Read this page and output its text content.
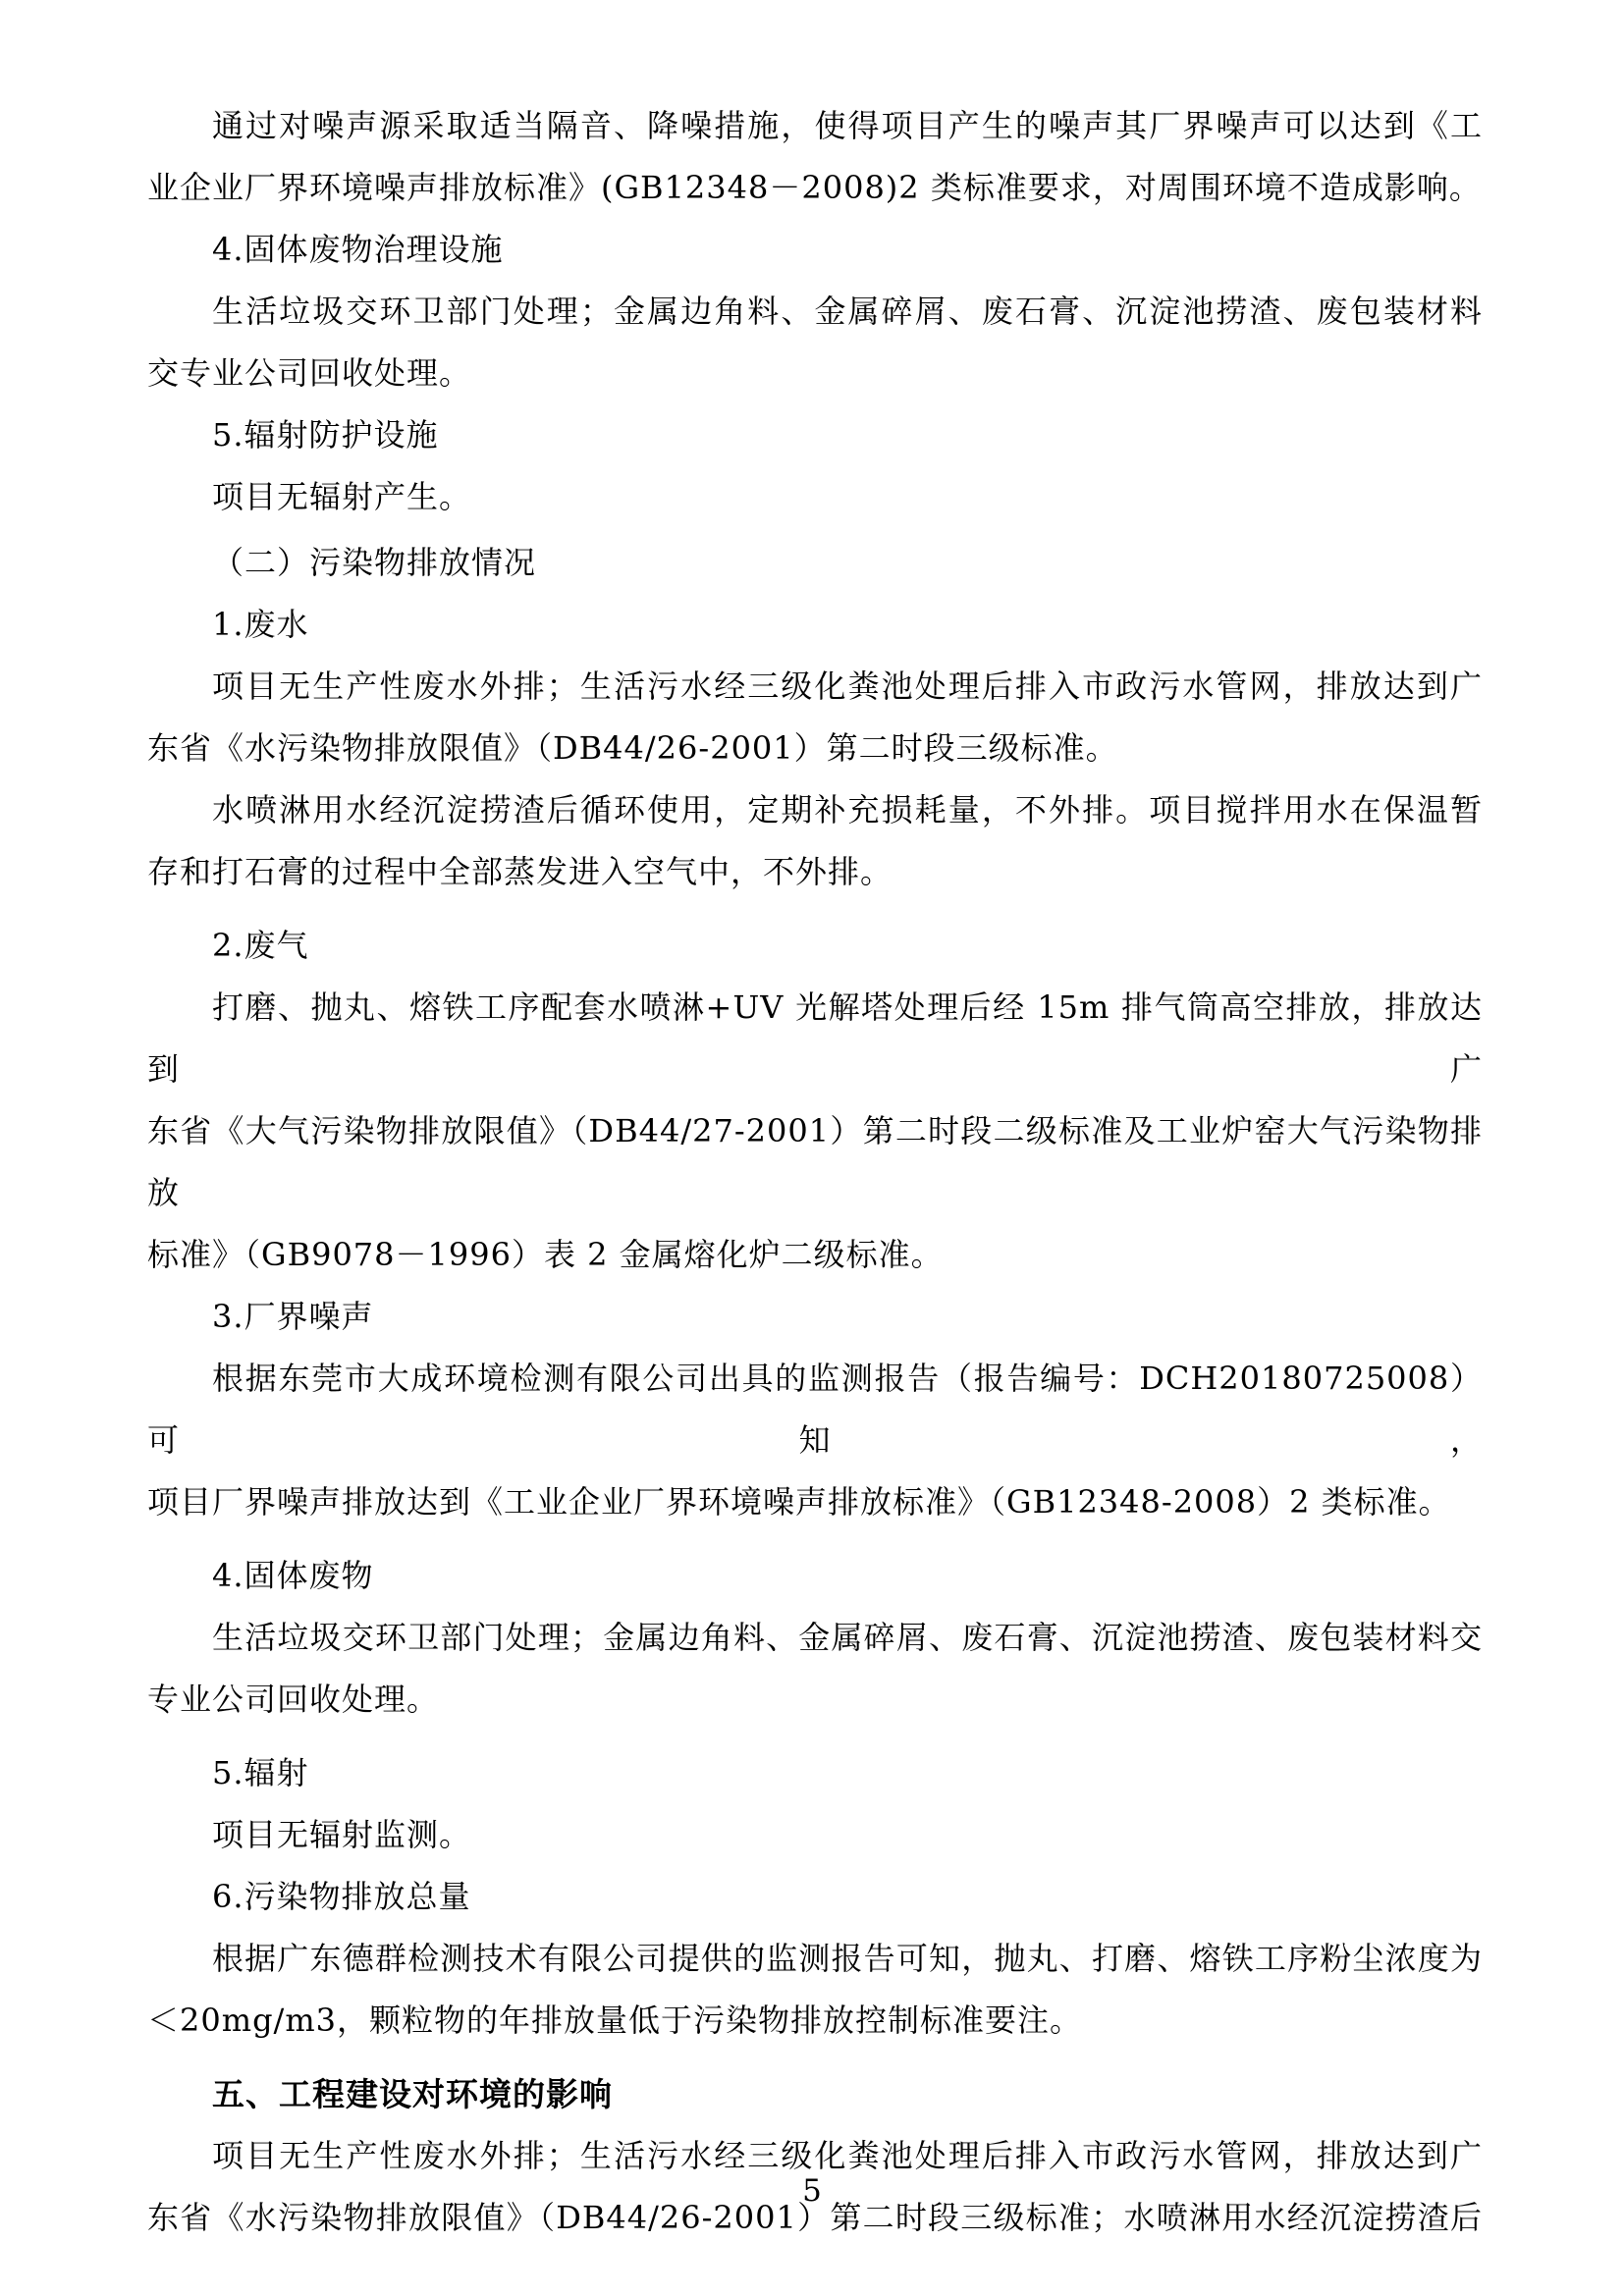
通过对噪声源采取适当隔音、降噪措施，使得项目产生的噪声其厂界噪声可以达到《工

业企业厂界环境噪声排放标准》(GB12348－2008)2 类标准要求，对周围环境不造成影响。

4.固体废物治理设施

生活垃圾交环卫部门处理；金属边角料、金属碎屑、废石膏、沉淀池捞渣、废包装材料

交专业公司回收处理。

5.辐射防护设施

项目无辐射产生。

（二）污染物排放情况

1.废水

项目无生产性废水外排；生活污水经三级化粪池处理后排入市政污水管网，排放达到广

东省《水污染物排放限值》（DB44/26-2001）第二时段三级标准。

水喷淋用水经沉淀捞渣后循环使用，定期补充损耗量，不外排。项目搅拌用水在保温暂

存和打石膏的过程中全部蒸发进入空气中，不外排。

2.废气

打磨、抛丸、熔铁工序配套水喷淋+UV 光解塔处理后经 15m 排气筒高空排放，排放达到广

东省《大气污染物排放限值》（DB44/27-2001）第二时段二级标准及工业炉窑大气污染物排放

标准》（GB9078－1996）表 2 金属熔化炉二级标准。

3.厂界噪声

根据东莞市大成环境检测有限公司出具的监测报告（报告编号：DCH20180725008）可知，

项目厂界噪声排放达到《工业企业厂界环境噪声排放标准》（GB12348-2008）2 类标准。

4.固体废物

生活垃圾交环卫部门处理；金属边角料、金属碎屑、废石膏、沉淀池捞渣、废包装材料交

专业公司回收处理。

5.辐射

项目无辐射监测。

6.污染物排放总量

根据广东德群检测技术有限公司提供的监测报告可知，抛丸、打磨、熔铁工序粉尘浓度为

＜20mg/m3，颗粒物的年排放量低于污染物排放控制标准要注。

五、工程建设对环境的影响

项目无生产性废水外排；生活污水经三级化粪池处理后排入市政污水管网，排放达到广

东省《水污染物排放限值》（DB44/26-2001）第二时段三级标准；水喷淋用水经沉淀捞渣后

5
